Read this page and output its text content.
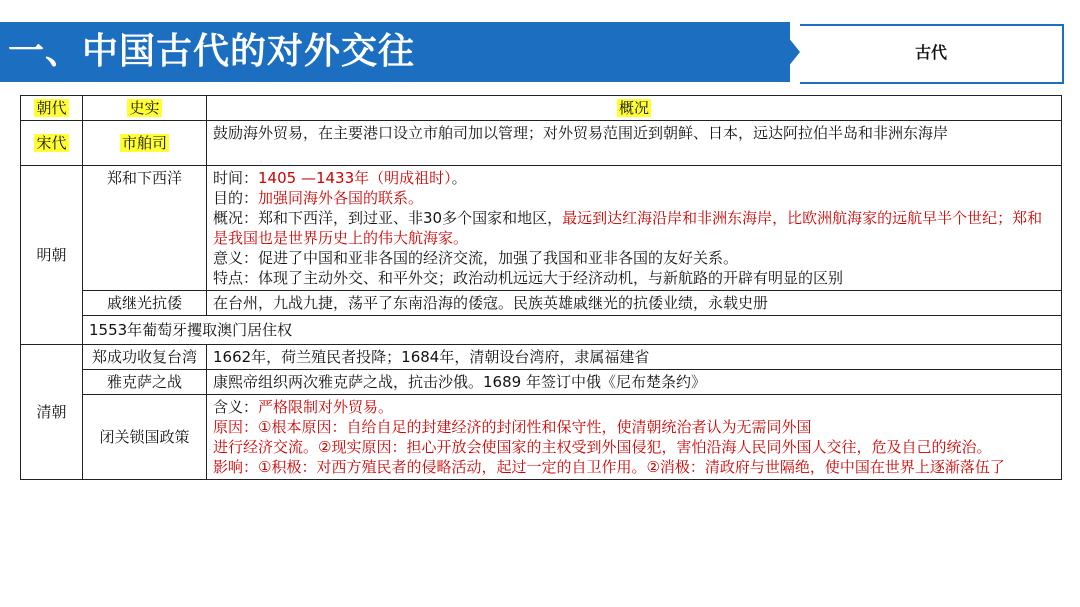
一、中国古代的对外交往	古代
朝代	史实	概况
宋代	市舶司	鼓励海外贸易，在主要港口设立市舶司加以管理；对外贸易范围近到朝鲜、日本，远达阿拉伯半岛和非洲东海岸
明朝	郑和下西洋	时间：1405 —1433年（明成祖时）。
目的：加强同海外各国的联系。
概况：郑和下西洋，到过亚、非30多个国家和地区，最远到达红海沿岸和非洲东海岸，比欧洲航海家的远航早半个世纪；郑和是我国也是世界历史上的伟大航海家。
意义：促进了中国和亚非各国的经济交流，加强了我国和亚非各国的友好关系。
特点：体现了主动外交、和平外交；政治动机远远大于经济动机，与新航路的开辟有明显的区别

	戚继光抗倭	在台州，九战九捷，荡平了东南沿海的倭寇。民族英雄戚继光的抗倭业绩，永载史册
	1553年葡萄牙攫取澳门居住权	
清朝	郑成功收复台湾	1662年，荷兰殖民者投降；1684年，清朝设台湾府，隶属福建省
	雅克萨之战	康熙帝组织两次雅克萨之战，抗击沙俄。1689 年签订中俄《尼布楚条约》
	闭关锁国政策	含义：严格限制对外贸易。
原因：①根本原因：自给自足的封建经济的封闭性和保守性，使清朝统治者认为无需同外国
进行经济交流。②现实原因：担心开放会使国家的主权受到外国侵犯，害怕沿海人民同外国人交往，危及自己的统治。
影响：①积极：对西方殖民者的侵略活动，起过一定的自卫作用。②消极：清政府与世隔绝，使中国在世界上逐渐落伍了
